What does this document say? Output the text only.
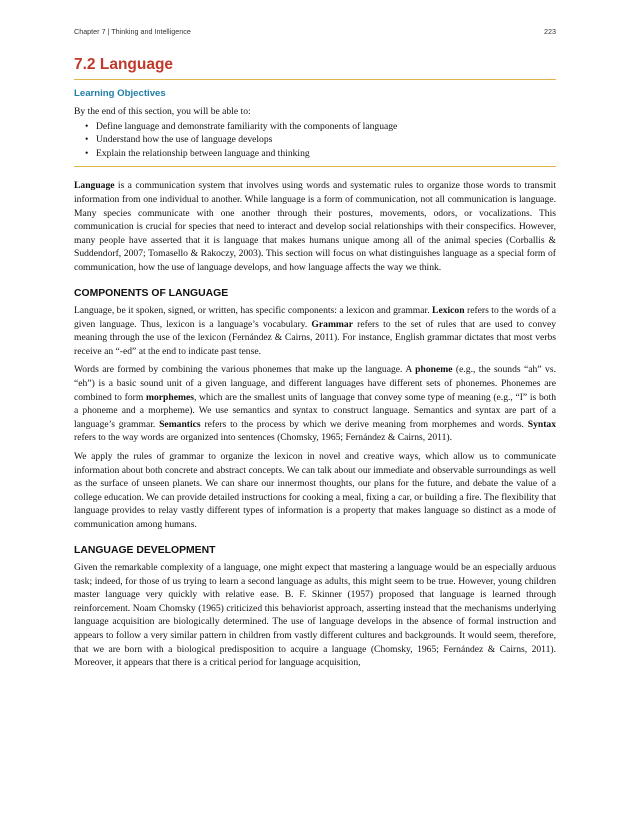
Chapter 7 | Thinking and Intelligence	223
7.2 Language
Learning Objectives

By the end of this section, you will be able to:

• Define language and demonstrate familiarity with the components of language
• Understand how the use of language develops
• Explain the relationship between language and thinking

Language is a communication system that involves using words and systematic rules to organize those words to transmit information from one individual to another. While language is a form of communication, not all communication is language. Many species communicate with one another through their postures, movements, odors, or vocalizations. This communication is crucial for species that need to interact and develop social relationships with their conspecifics. However, many people have asserted that it is language that makes humans unique among all of the animal species (Corballis & Suddendorf, 2007; Tomasello & Rakoczy, 2003). This section will focus on what distinguishes language as a special form of communication, how the use of language develops, and how language affects the way we think.

COMPONENTS OF LANGUAGE

Language, be it spoken, signed, or written, has specific components: a lexicon and grammar. Lexicon refers to the words of a given language. Thus, lexicon is a language’s vocabulary. Grammar refers to the set of rules that are used to convey meaning through the use of the lexicon (Fernández & Cairns, 2011). For instance, English grammar dictates that most verbs receive an “-ed” at the end to indicate past tense.

Words are formed by combining the various phonemes that make up the language. A phoneme (e.g., the sounds “ah” vs. “eh”) is a basic sound unit of a given language, and different languages have different sets of phonemes. Phonemes are combined to form morphemes, which are the smallest units of language that convey some type of meaning (e.g., “I” is both a phoneme and a morpheme). We use semantics and syntax to construct language. Semantics and syntax are part of a language’s grammar. Semantics refers to the process by which we derive meaning from morphemes and words. Syntax refers to the way words are organized into sentences (Chomsky, 1965; Fernández & Cairns, 2011).

We apply the rules of grammar to organize the lexicon in novel and creative ways, which allow us to communicate information about both concrete and abstract concepts. We can talk about our immediate and observable surroundings as well as the surface of unseen planets. We can share our innermost thoughts, our plans for the future, and debate the value of a college education. We can provide detailed instructions for cooking a meal, fixing a car, or building a fire. The flexibility that language provides to relay vastly different types of information is a property that makes language so distinct as a mode of communication among humans.

LANGUAGE DEVELOPMENT

Given the remarkable complexity of a language, one might expect that mastering a language would be an especially arduous task; indeed, for those of us trying to learn a second language as adults, this might seem to be true. However, young children master language very quickly with relative ease. B. F. Skinner (1957) proposed that language is learned through reinforcement. Noam Chomsky (1965) criticized this behaviorist approach, asserting instead that the mechanisms underlying language acquisition are biologically determined. The use of language develops in the absence of formal instruction and appears to follow a very similar pattern in children from vastly different cultures and backgrounds. It would seem, therefore, that we are born with a biological predisposition to acquire a language (Chomsky, 1965; Fernández & Cairns, 2011). Moreover, it appears that there is a critical period for language acquisition,
